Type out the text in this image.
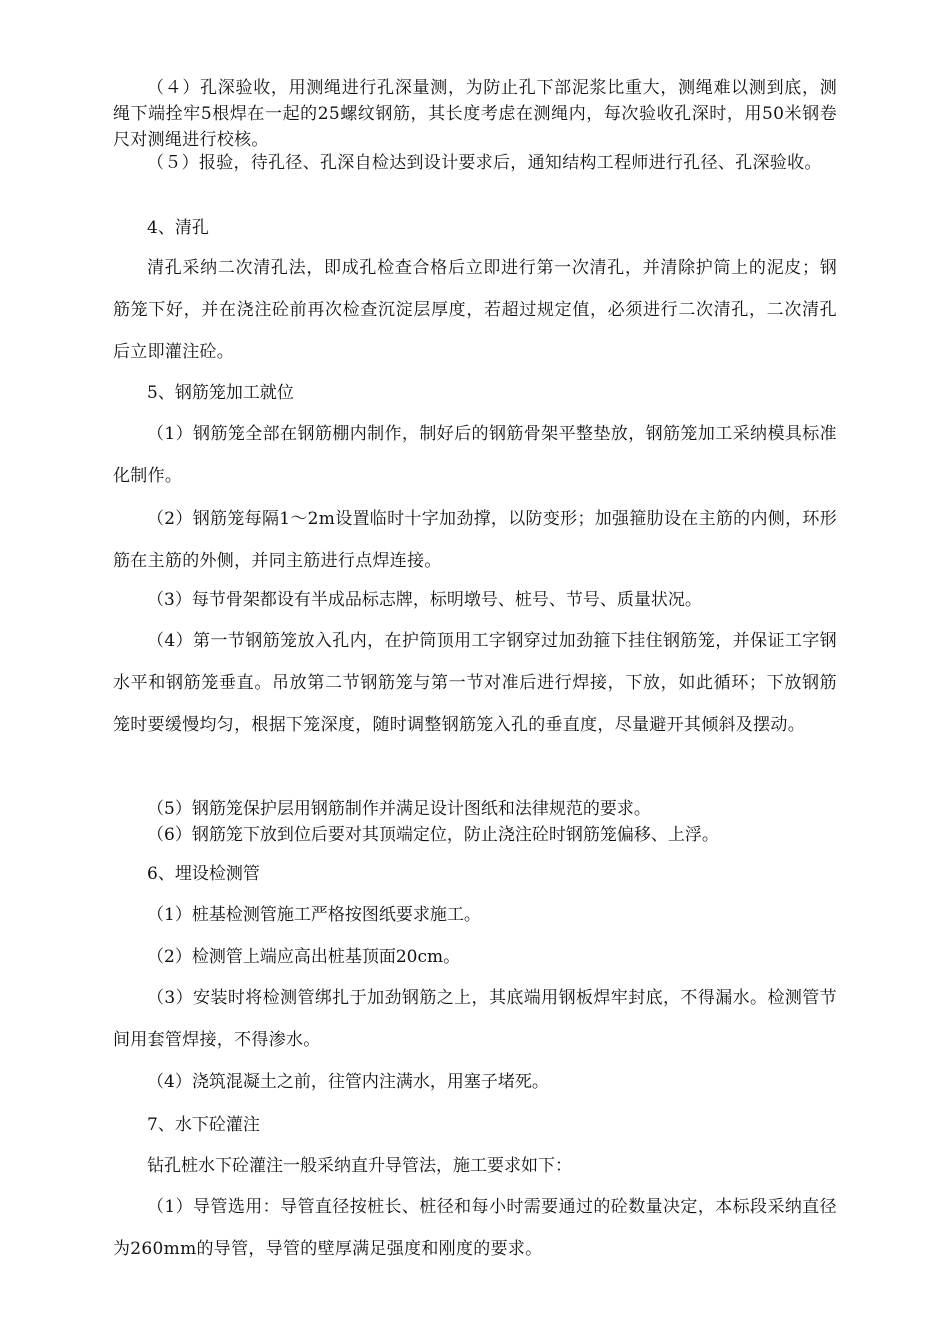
（４）孔深验收，用测绳进行孔深量测，为防止孔下部泥浆比重大，测绳难以测到底，测绳下端拴牢5根焊在一起的25螺纹钢筋，其长度考虑在测绳内，每次验收孔深时，用50米钢卷尺对测绳进行校核。

（５）报验，待孔径、孔深自检达到设计要求后，通知结构工程师进行孔径、孔深验收。

4、清孔

清孔采纳二次清孔法，即成孔检查合格后立即进行第一次清孔，并清除护筒上的泥皮；钢筋笼下好，并在浇注砼前再次检查沉淀层厚度，若超过规定值，必须进行二次清孔，二次清孔后立即灌注砼。

5、钢筋笼加工就位

（1）钢筋笼全部在钢筋棚内制作，制好后的钢筋骨架平整垫放，钢筋笼加工采纳模具标准化制作。

（2）钢筋笼每隔1～2m设置临时十字加劲撑，以防变形；加强箍肋设在主筋的内侧，环形筋在主筋的外侧，并同主筋进行点焊连接。

（3）每节骨架都设有半成品标志牌，标明墩号、桩号、节号、质量状况。

（4）第一节钢筋笼放入孔内，在护筒顶用工字钢穿过加劲箍下挂住钢筋笼，并保证工字钢水平和钢筋笼垂直。吊放第二节钢筋笼与第一节对准后进行焊接，下放，如此循环；下放钢筋笼时要缓慢均匀，根据下笼深度，随时调整钢筋笼入孔的垂直度，尽量避开其倾斜及摆动。

（5）钢筋笼保护层用钢筋制作并满足设计图纸和法律规范的要求。

（6）钢筋笼下放到位后要对其顶端定位，防止浇注砼时钢筋笼偏移、上浮。

6、埋设检测管

（1）桩基检测管施工严格按图纸要求施工。

（2）检测管上端应高出桩基顶面20cm。

（3）安装时将检测管绑扎于加劲钢筋之上，其底端用钢板焊牢封底，不得漏水。检测管节间用套管焊接，不得渗水。

（4）浇筑混凝土之前，往管内注满水，用塞子堵死。

7、水下砼灌注

钻孔桩水下砼灌注一般采纳直升导管法，施工要求如下：

（1）导管选用：导管直径按桩长、桩径和每小时需要通过的砼数量决定，本标段采纳直径为260mm的导管，导管的壁厚满足强度和刚度的要求。
